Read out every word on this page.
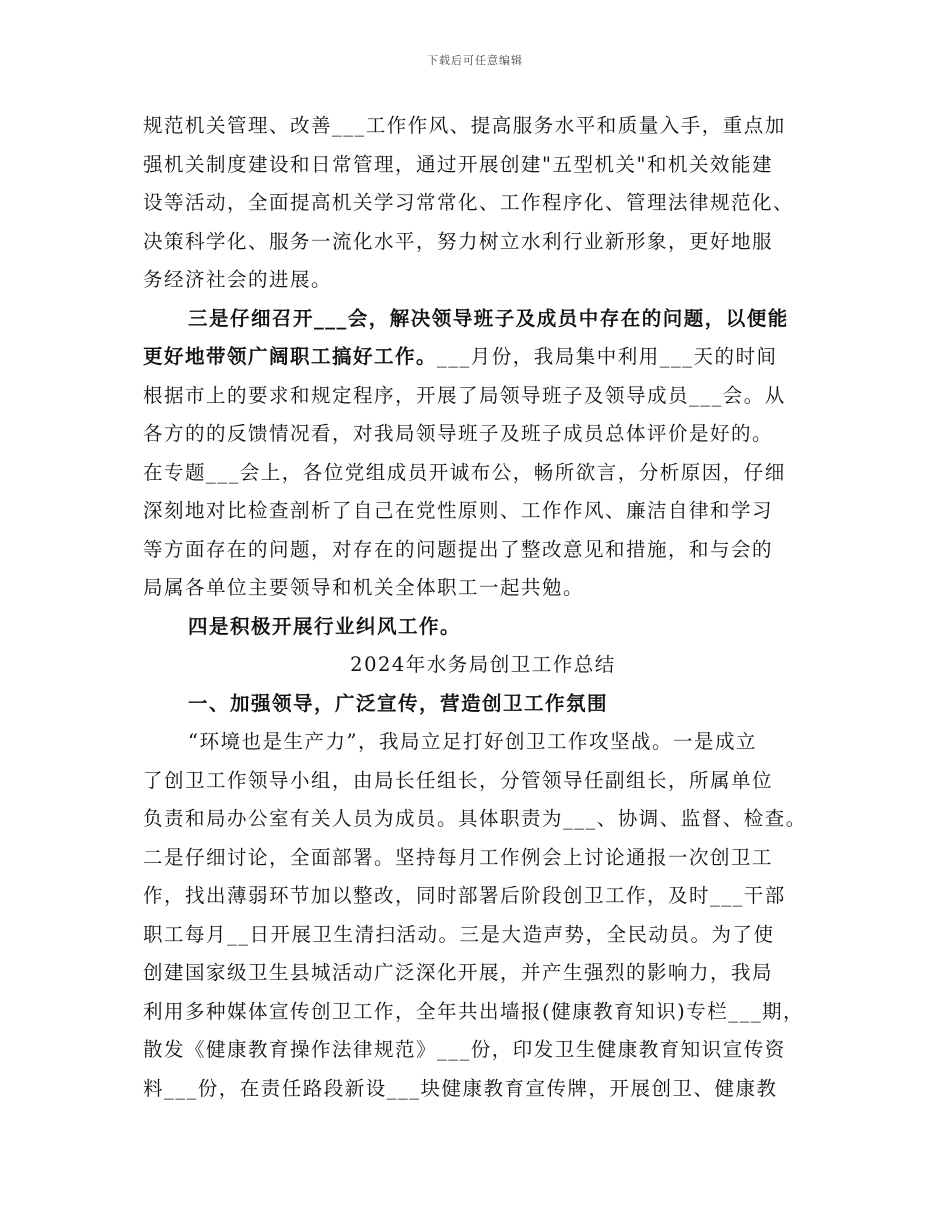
下载后可任意编辑
规范机关管理、改善___工作作风、提高服务水平和质量入手，重点加
强机关制度建设和日常管理，通过开展创建"五型机关"和机关效能建
设等活动，全面提高机关学习常常化、工作程序化、管理法律规范化、
决策科学化、服务一流化水平，努力树立水利行业新形象，更好地服
务经济社会的进展。
三是仔细召开___会，解决领导班子及成员中存在的问题，以便能
更好地带领广阔职工搞好工作。___月份，我局集中利用___天的时间
根据市上的要求和规定程序，开展了局领导班子及领导成员___会。从
各方的的反馈情况看，对我局领导班子及班子成员总体评价是好的。
在专题___会上，各位党组成员开诚布公，畅所欲言，分析原因，仔细
深刻地对比检查剖析了自己在党性原则、工作作风、廉洁自律和学习
等方面存在的问题，对存在的问题提出了整改意见和措施，和与会的
局属各单位主要领导和机关全体职工一起共勉。
四是积极开展行业纠风工作。
2024年水务局创卫工作总结
一、加强领导，广泛宣传，营造创卫工作氛围
“环境也是生产力”，我局立足打好创卫工作攻坚战。一是成立
了创卫工作领导小组，由局长任组长，分管领导任副组长，所属单位
负责和局办公室有关人员为成员。具体职责为___、协调、监督、检查。
二是仔细讨论，全面部署。坚持每月工作例会上讨论通报一次创卫工
作，找出薄弱环节加以整改，同时部署后阶段创卫工作，及时___干部
职工每月__日开展卫生清扫活动。三是大造声势，全民动员。为了使
创建国家级卫生县城活动广泛深化开展，并产生强烈的影响力，我局
利用多种媒体宣传创卫工作，全年共出墙报(健康教育知识)专栏___期，
散发《健康教育操作法律规范》___份，印发卫生健康教育知识宣传资
料___份，在责任路段新设___块健康教育宣传牌，开展创卫、健康教
